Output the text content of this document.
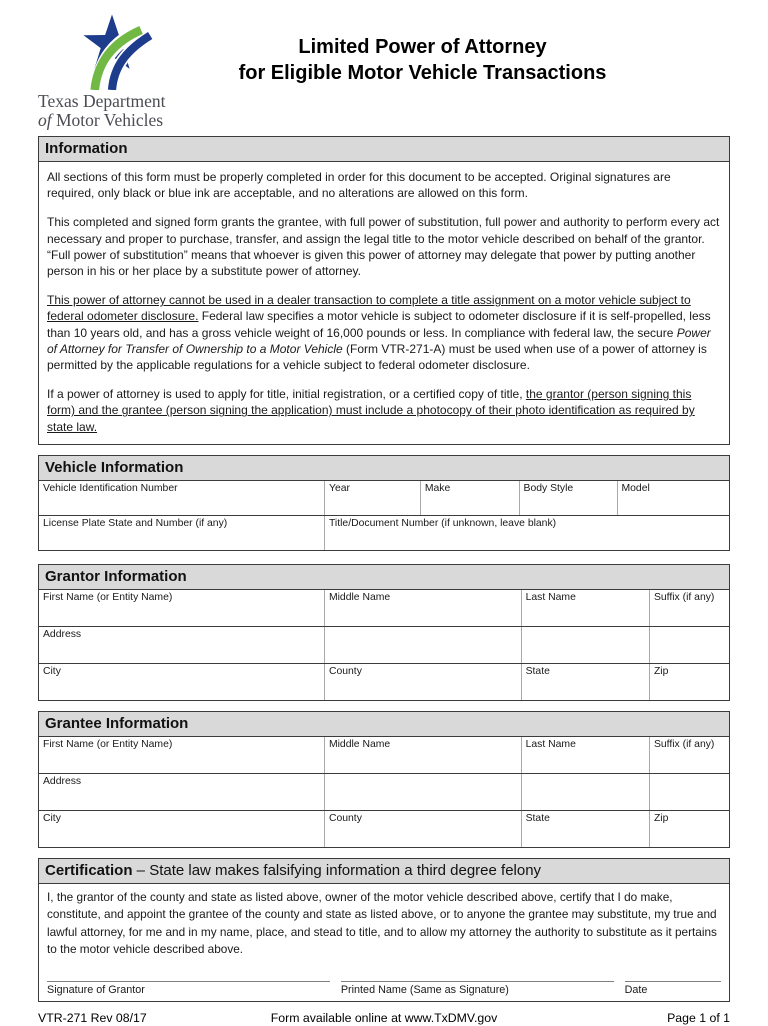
Texas Department
of Motor Vehicles
Limited Power of Attorney
for Eligible Motor Vehicle Transactions
Information

All sections of this form must be properly completed in order for this document to be accepted. Original signatures are required, only black or blue ink are acceptable, and no alterations are allowed on this form.

This completed and signed form grants the grantee, with full power of substitution, full power and authority to perform every act necessary and proper to purchase, transfer, and assign the legal title to the motor vehicle described on behalf of the grantor. “Full power of substitution” means that whoever is given this power of attorney may delegate that power by putting another person in his or her place by a substitute power of attorney.

This power of attorney cannot be used in a dealer transaction to complete a title assignment on a motor vehicle subject to federal odometer disclosure. Federal law specifies a motor vehicle is subject to odometer disclosure if it is self-propelled, less than 10 years old, and has a gross vehicle weight of 16,000 pounds or less. In compliance with federal law, the secure Power of Attorney for Transfer of Ownership to a Motor Vehicle (Form VTR-271-A) must be used when use of a power of attorney is permitted by the applicable regulations for a vehicle subject to federal odometer disclosure.

If a power of attorney is used to apply for title, initial registration, or a certified copy of title, the grantor (person signing this form) and the grantee (person signing the application) must include a photocopy of their photo identification as required by state law.

Vehicle Information
Vehicle Identification Number	Year	Make	Body Style	Model
License Plate State and Number (if any)	Title/Document Number (if unknown, leave blank)
Grantor Information
First Name (or Entity Name)	Middle Name	Last Name	Suffix (if any)
Address
City	County	State	Zip
Grantee Information
First Name (or Entity Name)	Middle Name	Last Name	Suffix (if any)
Address
City	County	State	Zip
Certification – State law makes falsifying information a third degree felony
I, the grantor of the county and state as listed above, owner of the motor vehicle described above, certify that I do make, constitute, and appoint the grantee of the county and state as listed above, or to anyone the grantee may substitute, my true and lawful attorney, for me and in my name, place, and stead to title, and to allow my attorney the authority to substitute as it pertains to the motor vehicle described above.
Signature of Grantor	Printed Name (Same as Signature)	Date
VTR-271 Rev 08/17	Form available online at www.TxDMV.gov	Page 1 of 1
